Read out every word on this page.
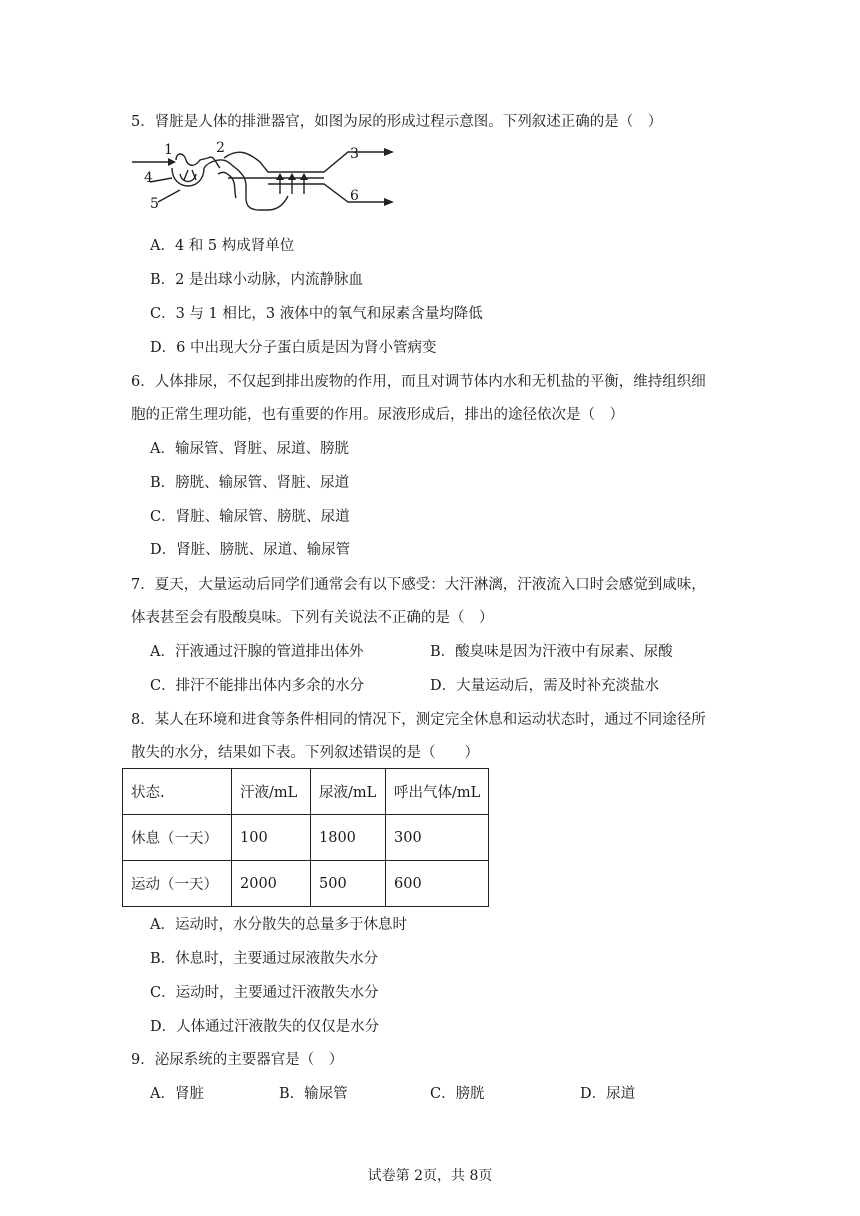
5．肾脏是人体的排泄器官，如图为尿的形成过程示意图。下列叙述正确的是（　）
1	2	3
4
5	6
A．4 和 5 构成肾单位
B．2 是出球小动脉，内流静脉血
C．3 与 1 相比，3 液体中的氧气和尿素含量均降低
D．6 中出现大分子蛋白质是因为肾小管病变
6．人体排尿，不仅起到排出废物的作用，而且对调节体内水和无机盐的平衡，维持组织细
胞的正常生理功能，也有重要的作用。尿液形成后，排出的途径依次是（　）
A．输尿管、肾脏、尿道、膀胱
B．膀胱、输尿管、肾脏、尿道
C．肾脏、输尿管、膀胱、尿道
D．肾脏、膀胱、尿道、输尿管
7．夏天，大量运动后同学们通常会有以下感受：大汗淋漓，汗液流入口时会感觉到咸味，
体表甚至会有股酸臭味。下列有关说法不正确的是（　）
A．汗液通过汗腺的管道排出体外	B．酸臭味是因为汗液中有尿素、尿酸
C．排汗不能排出体内多余的水分	D．大量运动后，需及时补充淡盐水
8．某人在环境和进食等条件相同的情况下，测定完全休息和运动状态时，通过不同途径所
散失的水分，结果如下表。下列叙述错误的是（　　）
状态.	汗液/mL	尿液/mL	呼出气体/mL
休息（一天）	100	1800	300
运动（一天）	2000	500	600
A．运动时，水分散失的总量多于休息时
B．休息时，主要通过尿液散失水分
C．运动时，主要通过汗液散失水分
D．人体通过汗液散失的仅仅是水分
9．泌尿系统的主要器官是（　）
A．肾脏	B．输尿管	C．膀胱	D．尿道
试卷第 2页，共 8页
